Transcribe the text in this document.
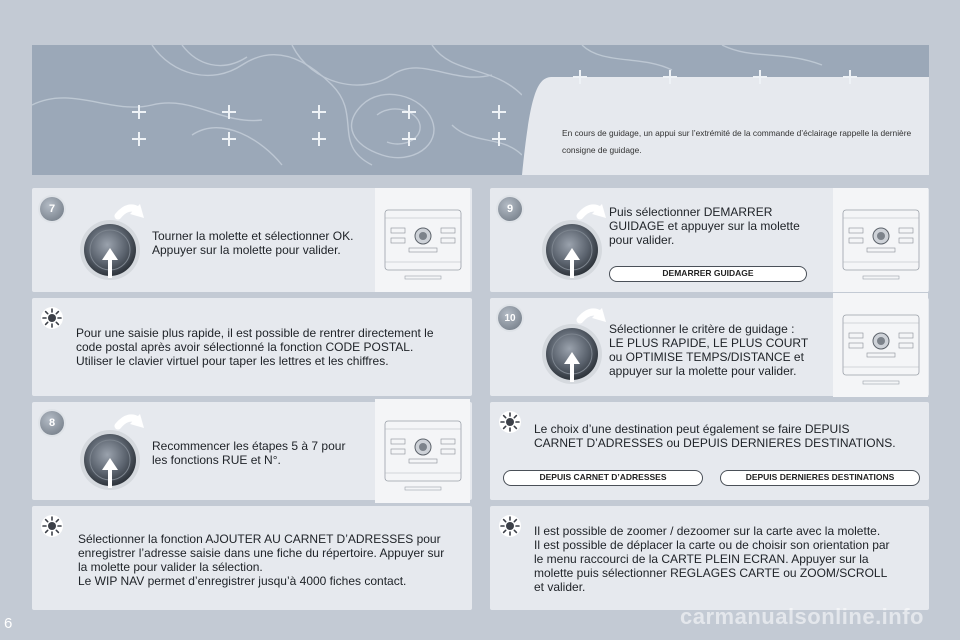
En cours de guidage, un appui sur l’extrémité de la commande d’éclairage rappelle la dernière consigne de guidage.
7
Tourner la molette et sélectionner OK.
Appuyer sur la molette pour valider.
Pour une saisie plus rapide, il est possible de rentrer directement le
code postal après avoir sélectionné la fonction CODE POSTAL.
Utiliser le clavier virtuel pour taper les lettres et les chiffres.
8
Recommencer les étapes 5 à 7 pour
les fonctions RUE et N°.
Sélectionner la fonction AJOUTER AU CARNET D’ADRESSES pour
enregistrer l’adresse saisie dans une fiche du répertoire. Appuyer sur
la molette pour valider la sélection.
Le WIP NAV permet d’enregistrer jusqu’à 4000 fiches contact.
9	Puis sélectionner DEMARRER
GUIDAGE et appuyer sur la molette
pour valider.
DEMARRER GUIDAGE
10
Sélectionner le critère de guidage :
LE PLUS RAPIDE, LE PLUS COURT
ou OPTIMISE TEMPS/DISTANCE et
appuyer sur la molette pour valider.
Le choix d’une destination peut également se faire DEPUIS
CARNET D’ADRESSES ou DEPUIS DERNIERES DESTINATIONS.
DEPUIS CARNET D’ADRESSES	DEPUIS DERNIERES DESTINATIONS
Il est possible de zoomer / dezoomer sur la carte avec la molette.
Il est possible de déplacer la carte ou de choisir son orientation par
le menu raccourci de la CARTE PLEIN ECRAN. Appuyer sur la
molette puis sélectionner REGLAGES CARTE ou ZOOM/SCROLL
et valider.
6	carmanualsonline.info
